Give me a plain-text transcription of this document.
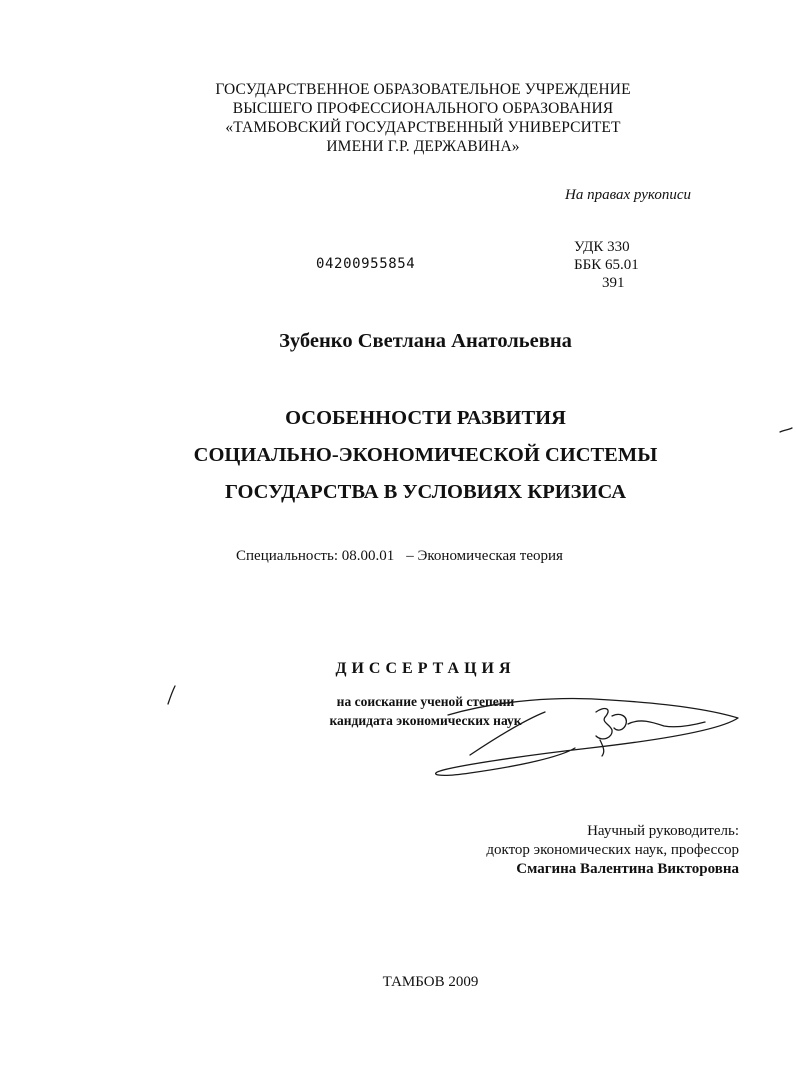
ГОСУДАРСТВЕННОЕ ОБРАЗОВАТЕЛЬНОЕ УЧРЕЖДЕНИЕ
ВЫСШЕГО ПРОФЕССИОНАЛЬНОГО ОБРАЗОВАНИЯ
«ТАМБОВСКИЙ ГОСУДАРСТВЕННЫЙ УНИВЕРСИТЕТ
ИМЕНИ Г.Р. ДЕРЖАВИНА»
На правах рукописи
УДК 330
ББК 65.01
391
04200955854
Зубенко Светлана Анатольевна
ОСОБЕННОСТИ РАЗВИТИЯ
СОЦИАЛЬНО-ЭКОНОМИЧЕСКОЙ СИСТЕМЫ
ГОСУДАРСТВА В УСЛОВИЯХ КРИЗИСА
Специальность: 08.00.01 – Экономическая теория
ДИССЕРТАЦИЯ
на соискание ученой степени
кандидата экономических наук
Научный руководитель:
доктор экономических наук, профессор
Смагина Валентина Викторовна
ТАМБОВ 2009
